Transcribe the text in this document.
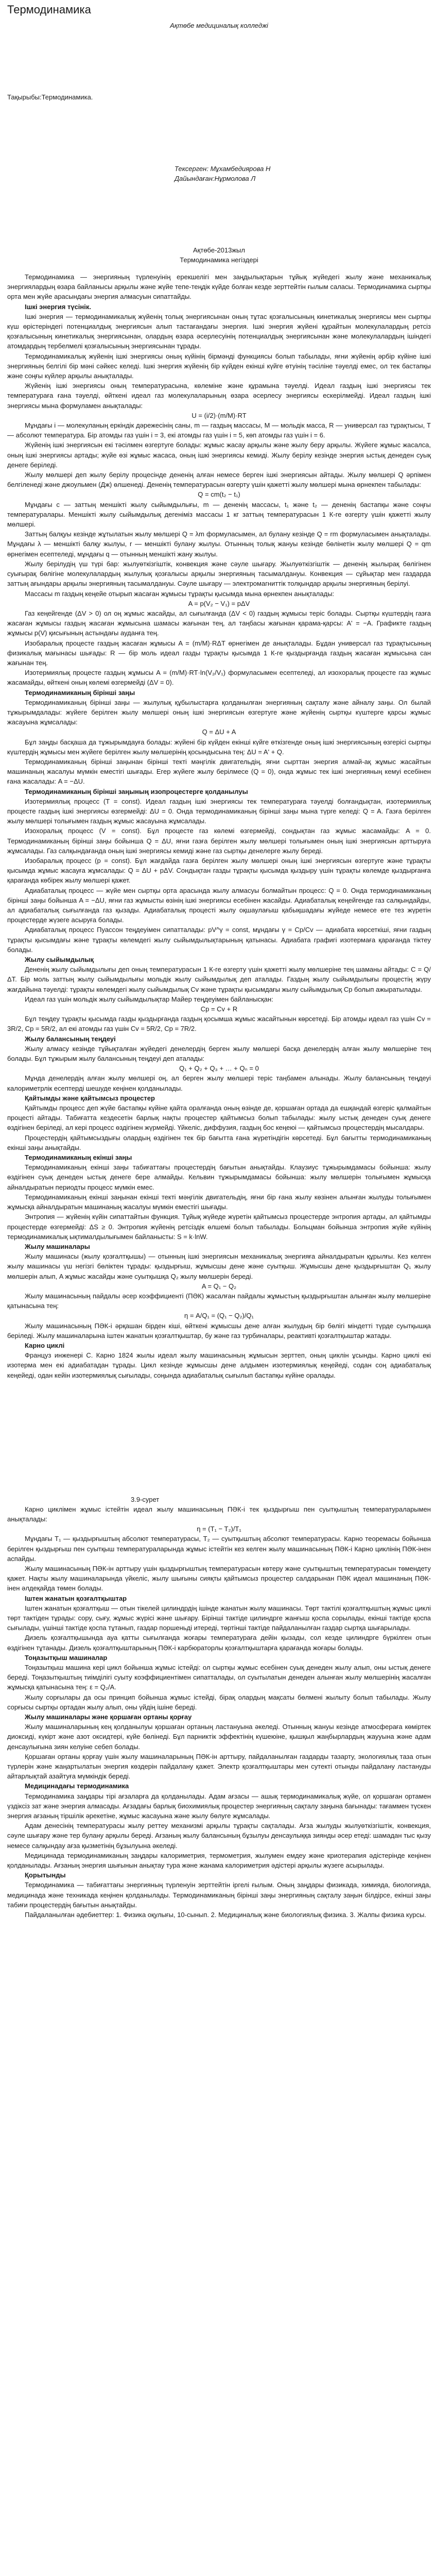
Термодинамика

Ақтөбе медициналық колледжі

Тақырыбы:Термодинамика.

Тексерген: Мұхамбедиярова Н
Дайындаған:Нұрмолова Л

Ақтөбе-2013жыл

Термодинамика негіздері

Термодинамика — энергияның түрленуінің ерекшелігі мен заңдылықтарын тұйық жүйедегі жылу және механикалық энергиялардың өзара байланысы арқылы және жүйе тепе-теңдік күйде болған кезде зерттейтін ғылым саласы. Термодинамика сыртқы орта мен жүйе арасындағы энергия алмасуын сипаттайды.

Ішкі энергия түсінік.

Ішкі энергия — термодинамикалық жүйенің толық энергиясынан оның тұтас қозғалысының кинетикалық энергиясы мен сыртқы күш өрістеріндегі потенциалдық энергиясын алып тастағандағы энергия. Ішкі энергия жүйені құрайтын молекулалардың ретсіз қозғалысының кинетикалық энергиясынан, олардың өзара әсерлесуінің потенциалдық энергиясынан және молекулалардың ішіндегі атомдардың тербелмелі қозғалысының энергиясынан тұрады.

Термодинамикалық жүйенің ішкі энергиясы оның күйінің бірмәнді функциясы болып табылады, яғни жүйенің әрбір күйіне ішкі энергияның белгілі бір мәні сәйкес келеді. Ішкі энергия жүйенің бір күйден екінші күйге өтуінің тәсіліне тәуелді емес, ол тек бастапқы және соңғы күйлер арқылы анықталады.

Жүйенің ішкі энергиясы оның температурасына, көлеміне және құрамына тәуелді. Идеал газдың ішкі энергиясы тек температураға ғана тәуелді, өйткені идеал газ молекулаларының өзара әсерлесу энергиясы ескерілмейді. Идеал газдың ішкі энергиясы мына формуламен анықталады:

U = (i/2)·(m/M)·RT

Мұндағы i — молекуланың еркіндік дәрежесінің саны, m — газдың массасы, M — мольдік масса, R — универсал газ тұрақтысы, T — абсолют температура. Бір атомды газ үшін i = 3, екі атомды газ үшін i = 5, көп атомды газ үшін i = 6.

Жүйенің ішкі энергиясын екі тәсілмен өзгертуге болады: жұмыс жасау арқылы және жылу беру арқылы. Жүйеге жұмыс жасалса, оның ішкі энергиясы артады; жүйе өзі жұмыс жасаса, оның ішкі энергиясы кемиді. Жылу берілу кезінде энергия ыстық денеден суық денеге беріледі.

Жылу мөлшері деп жылу берілу процесінде дененің алған немесе берген ішкі энергиясын айтады. Жылу мөлшері Q әрпімен белгіленеді және джоульмен (Дж) өлшенеді. Дененің температурасын өзгерту үшін қажетті жылу мөлшері мына өрнекпен табылады:

Q = cm(t₂ − t₁)

Мұндағы c — заттың меншікті жылу сыйымдылығы, m — дененің массасы, t₁ және t₂ — дененің бастапқы және соңғы температуралары. Меншікті жылу сыйымдылық дегеніміз массасы 1 кг заттың температурасын 1 К-ге өзгерту үшін қажетті жылу мөлшері.

Заттың балқуы кезінде жұтылатын жылу мөлшері Q = λm формуласымен, ал булану кезінде Q = rm формуласымен анықталады. Мұндағы λ — меншікті балқу жылуы, r — меншікті булану жылуы. Отынның толық жануы кезінде бөлінетін жылу мөлшері Q = qm өрнегімен есептеледі, мұндағы q — отынның меншікті жану жылуы.

Жылу берілудің үш түрі бар: жылуөткізгіштік, конвекция және сәуле шығару. Жылуөткізгіштік — дененің жылырақ бөлігінен суығырақ бөлігіне молекулалардың жылулық қозғалысы арқылы энергияның тасымалдануы. Конвекция — сұйықтар мен газдарда заттың ағындары арқылы энергияның тасымалдануы. Сәуле шығару — электромагниттік толқындар арқылы энергияның берілуі.

Массасы m газдың кеңейе отырып жасаған жұмысы тұрақты қысымда мына өрнекпен анықталады:

A = p(V₂ − V₁) = pΔV

Газ кеңейгенде (ΔV > 0) ол оң жұмыс жасайды, ал сығылғанда (ΔV < 0) газдың жұмысы теріс болады. Сыртқы күштердің газға жасаған жұмысы газдың жасаған жұмысына шамасы жағынан тең, ал таңбасы жағынан қарама-қарсы: A' = −A. Графикте газдың жұмысы p(V) қисығының астындағы ауданға тең.

Изобаралық процесте газдың жасаған жұмысы A = (m/M)·RΔT өрнегімен де анықталады. Бұдан универсал газ тұрақтысының физикалық мағынасы шығады: R — бір моль идеал газды тұрақты қысымда 1 К-ге қыздырғанда газдың жасаған жұмысына сан жағынан тең.

Изотермиялық процесте газдың жұмысы A = (m/M)·RT·ln(V₂/V₁) формуласымен есептеледі, ал изохоралық процесте газ жұмыс жасамайды, өйткені оның көлемі өзгермейді (ΔV = 0).

Термодинамиканың бірінші заңы

Термодинамиканың бірінші заңы — жылулық құбылыстарға қолданылған энергияның сақталу және айналу заңы. Ол былай тұжырымдалады: жүйеге берілген жылу мөлшері оның ішкі энергиясын өзгертуге және жүйенің сыртқы күштерге қарсы жұмыс жасауына жұмсалады:

Q = ΔU + A

Бұл заңды басқаша да тұжырымдауға болады: жүйені бір күйден екінші күйге өткізгенде оның ішкі энергиясының өзгерісі сыртқы күштердің жұмысы мен жүйеге берілген жылу мөлшерінің қосындысына тең: ΔU = A' + Q.

Термодинамиканың бірінші заңынан бірінші текті мәңгілік двигательдің, яғни сырттан энергия алмай-ақ жұмыс жасайтын машинаның жасалуы мүмкін еместігі шығады. Егер жүйеге жылу берілмесе (Q = 0), онда жұмыс тек ішкі энергияның кемуі есебінен ғана жасалады: A = −ΔU.

Термодинамиканың бірінші заңының изопроцестерге қолданылуы

Изотермиялық процесс (T = const). Идеал газдың ішкі энергиясы тек температураға тәуелді болғандықтан, изотермиялық процесте газдың ішкі энергиясы өзгермейді: ΔU = 0. Онда термодинамиканың бірінші заңы мына түрге келеді: Q = A. Газға берілген жылу мөлшері толығымен газдың жұмыс жасауына жұмсалады.

Изохоралық процесс (V = const). Бұл процесте газ көлемі өзгермейді, сондықтан газ жұмыс жасамайды: A = 0. Термодинамиканың бірінші заңы бойынша Q = ΔU, яғни газға берілген жылу мөлшері толығымен оның ішкі энергиясын арттыруға жұмсалады. Газ салқындағанда оның ішкі энергиясы кемиді және газ сыртқы денелерге жылу береді.

Изобаралық процесс (p = const). Бұл жағдайда газға берілген жылу мөлшері оның ішкі энергиясын өзгертуге және тұрақты қысымда жұмыс жасауға жұмсалады: Q = ΔU + pΔV. Сондықтан газды тұрақты қысымда қыздыру үшін тұрақты көлемде қыздырғанға қарағанда көбірек жылу мөлшері қажет.

Адиабаталық процесс — жүйе мен сыртқы орта арасында жылу алмасуы болмайтын процесс: Q = 0. Онда термодинамиканың бірінші заңы бойынша A = −ΔU, яғни газ жұмысты өзінің ішкі энергиясы есебінен жасайды. Адиабаталық кеңейгенде газ салқындайды, ал адиабаталық сығылғанда газ қызады. Адиабаталық процесті жылу оқшаулағыш қабықшадағы жүйеде немесе өте тез жүретін процестерде жүзеге асыруға болады.

Адиабаталық процесс Пуассон теңдеуімен сипатталады: pV^γ = const, мұндағы γ = Cp/Cv — адиабата көрсеткіші, яғни газдың тұрақты қысымдағы және тұрақты көлемдегі жылу сыйымдылықтарының қатынасы. Адиабата графигі изотермаға қарағанда тіктеу болады.

Жылу сыйымдылық

Дененің жылу сыйымдылығы деп оның температурасын 1 К-ге өзгерту үшін қажетті жылу мөлшеріне тең шаманы айтады: C = Q/ΔT. Бір моль заттың жылу сыйымдылығы мольдік жылу сыйымдылық деп аталады. Газдың жылу сыйымдылығы процестің жүру жағдайына тәуелді: тұрақты көлемдегі жылу сыйымдылық Cv және тұрақты қысымдағы жылу сыйымдылық Cp болып ажыратылады.

Идеал газ үшін мольдік жылу сыйымдылықтар Майер теңдеуімен байланысқан:

Cp = Cv + R

Бұл теңдеу тұрақты қысымда газды қыздырғанда газдың қосымша жұмыс жасайтынын көрсетеді. Бір атомды идеал газ үшін Cv = 3R/2, Cp = 5R/2, ал екі атомды газ үшін Cv = 5R/2, Cp = 7R/2.

Жылу балансының теңдеуі

Жылу алмасу кезінде тұйықталған жүйедегі денелердің берген жылу мөлшері басқа денелердің алған жылу мөлшеріне тең болады. Бұл тұжырым жылу балансының теңдеуі деп аталады:

Q₁ + Q₂ + Q₃ + … + Qₙ = 0

Мұнда денелердің алған жылу мөлшері оң, ал берген жылу мөлшері теріс таңбамен алынады. Жылу балансының теңдеуі калориметрлік есептерді шешуде кеңінен қолданылады.

Қайтымды және қайтымсыз процестер

Қайтымды процесс деп жүйе бастапқы күйіне қайта оралғанда оның өзінде де, қоршаған ортада да ешқандай өзгеріс қалмайтын процесті айтады. Табиғатта кездесетін барлық нақты процестер қайтымсыз болып табылады: жылу ыстық денеден суық денеге өздігінен беріледі, ал кері процесс өздігінен жүрмейді. Үйкеліс, диффузия, газдың бос кеңеюі — қайтымсыз процестердің мысалдары.

Процестердің қайтымсыздығы олардың өздігінен тек бір бағытта ғана жүретіндігін көрсетеді. Бұл бағытты термодинамиканың екінші заңы анықтайды.

Термодинамиканың екінші заңы

Термодинамиканың екінші заңы табиғаттағы процестердің бағытын анықтайды. Клаузиус тұжырымдамасы бойынша: жылу өздігінен суық денеден ыстық денеге бере алмайды. Кельвин тұжырымдамасы бойынша: жылу мөлшерін толығымен жұмысқа айналдыратын периодты процесс мүмкін емес.

Термодинамиканың екінші заңынан екінші текті мәңгілік двигательдің, яғни бір ғана жылу көзінен алынған жылуды толығымен жұмысқа айналдыратын машинаның жасалуы мүмкін еместігі шығады.

Энтропия — жүйенің күйін сипаттайтын функция. Тұйық жүйеде жүретін қайтымсыз процестерде энтропия артады, ал қайтымды процестерде өзгермейді: ΔS ≥ 0. Энтропия жүйенің ретсіздік өлшемі болып табылады. Больцман бойынша энтропия жүйе күйінің термодинамикалық ықтималдылығымен байланысты: S = k·lnW.

Жылу машиналары

Жылу машинасы (жылу қозғалтқышы) — отынның ішкі энергиясын механикалық энергияға айналдыратын құрылғы. Кез келген жылу машинасы үш негізгі бөліктен тұрады: қыздырғыш, жұмысшы дене және суытқыш. Жұмысшы дене қыздырғыштан Q₁ жылу мөлшерін алып, A жұмыс жасайды және суытқышқа Q₂ жылу мөлшерін береді.

A = Q₁ − Q₂

Жылу машинасының пайдалы әсер коэффициенті (ПӘК) жасалған пайдалы жұмыстың қыздырғыштан алынған жылу мөлшеріне қатынасына тең:

η = A/Q₁ = (Q₁ − Q₂)/Q₁

Жылу машинасының ПӘК-і әрқашан бірден кіші, өйткені жұмысшы дене алған жылудың бір бөлігі міндетті түрде суытқышқа беріледі. Жылу машиналарына іштен жанатын қозғалтқыштар, бу және газ турбиналары, реактивті қозғалтқыштар жатады.

Карно циклі

Француз инженері С. Карно 1824 жылы идеал жылу машинасының жұмысын зерттеп, оның циклін ұсынды. Карно циклі екі изотерма мен екі адиабатадан тұрады. Цикл кезінде жұмысшы дене алдымен изотермиялық кеңейеді, содан соң адиабаталық кеңейеді, одан кейін изотермиялық сығылады, соңында адиабаталық сығылып бастапқы күйіне оралады.

3.9-сурет

Карно циклімен жұмыс істейтін идеал жылу машинасының ПӘК-і тек қыздырғыш пен суытқыштың температураларымен анықталады:

η = (T₁ − T₂)/T₁

Мұндағы T₁ — қыздырғыштың абсолют температурасы, T₂ — суытқыштың абсолют температурасы. Карно теоремасы бойынша берілген қыздырғыш пен суытқыш температураларында жұмыс істейтін кез келген жылу машинасының ПӘК-і Карно циклінің ПӘК-інен аспайды.

Жылу машинасының ПӘК-ін арттыру үшін қыздырғыштың температурасын көтеру және суытқыштың температурасын төмендету қажет. Нақты жылу машиналарында үйкеліс, жылу шығыны сияқты қайтымсыз процестер салдарынан ПӘК идеал машинаның ПӘК-інен әлдеқайда төмен болады.

Іштен жанатын қозғалтқыштар

Іштен жанатын қозғалтқыш — отын тікелей цилиндрдің ішінде жанатын жылу машинасы. Төрт тактілі қозғалтқыштың жұмыс циклі төрт тактіден тұрады: сору, сығу, жұмыс жүрісі және шығару. Бірінші тактіде цилиндрге жанғыш қоспа сорылады, екінші тактіде қоспа сығылады, үшінші тактіде қоспа тұтанып, газдар поршеньді итереді, төртінші тактіде пайдаланылған газдар сыртқа шығарылады.

Дизель қозғалтқышында ауа қатты сығылғанда жоғары температураға дейін қызады, сол кезде цилиндрге бүркілген отын өздігінен тұтанады. Дизель қозғалтқыштарының ПӘК-і карбюраторлы қозғалтқыштарға қарағанда жоғары болады.

Тоңазытқыш машиналар

Тоңазытқыш машина кері цикл бойынша жұмыс істейді: ол сыртқы жұмыс есебінен суық денеден жылу алып, оны ыстық денеге береді. Тоңазытқыштың тиімділігі суыту коэффициентімен сипатталады, ол суытылатын денеден алынған жылу мөлшерінің жасалған жұмысқа қатынасына тең: ε = Q₂/A.

Жылу сорғылары да осы принцип бойынша жұмыс істейді, бірақ олардың мақсаты бөлмені жылыту болып табылады. Жылу сорғысы сыртқы ортадан жылу алып, оны үйдің ішіне береді.

Жылу машиналары және қоршаған ортаны қорғау

Жылу машиналарының кең қолданылуы қоршаған ортаның ластануына әкеледі. Отынның жануы кезінде атмосфераға көміртек диоксиді, күкірт және азот оксидтері, күйе бөлінеді. Бұл парниктік эффектінің күшеюіне, қышқыл жаңбырлардың жаууына және адам денсаулығына зиян келуіне себеп болады.

Қоршаған ортаны қорғау үшін жылу машиналарының ПӘК-ін арттыру, пайдаланылған газдарды тазарту, экологиялық таза отын түрлерін және жаңартылатын энергия көздерін пайдалану қажет. Электр қозғалтқыштары мен сутекті отынды пайдалану ластануды айтарлықтай азайтуға мүмкіндік береді.

Медицинадағы термодинамика

Термодинамика заңдары тірі ағзаларға да қолданылады. Адам ағзасы — ашық термодинамикалық жүйе, ол қоршаған ортамен үздіксіз зат және энергия алмасады. Ағзадағы барлық биохимиялық процестер энергияның сақталу заңына бағынады: тағаммен түскен энергия ағзаның тіршілік әрекетіне, жұмыс жасауына және жылу бөлуге жұмсалады.

Адам денесінің температурасы жылу реттеу механизмі арқылы тұрақты сақталады. Ағза жылуды жылуөткізгіштік, конвекция, сәуле шығару және тер булану арқылы береді. Ағзаның жылу балансының бұзылуы денсаулыққа зиянды әсер етеді: шамадан тыс қызу немесе салқындау ағза қызметінің бұзылуына әкеледі.

Медицинада термодинамиканың заңдары калориметрия, термометрия, жылумен емдеу және криотерапия әдістерінде кеңінен қолданылады. Ағзаның энергия шығынын анықтау тура және жанама калориметрия әдістері арқылы жүзеге асырылады.

Қорытынды

Термодинамика — табиғаттағы энергияның түрленуін зерттейтін іргелі ғылым. Оның заңдары физикада, химияда, биологияда, медицинада және техникада кеңінен қолданылады. Термодинамиканың бірінші заңы энергияның сақталу заңын білдірсе, екінші заңы табиғи процестердің бағытын анықтайды.

Пайдаланылған әдебиеттер: 1. Физика оқулығы, 10-сынып. 2. Медициналық және биологиялық физика. 3. Жалпы физика курсы.
